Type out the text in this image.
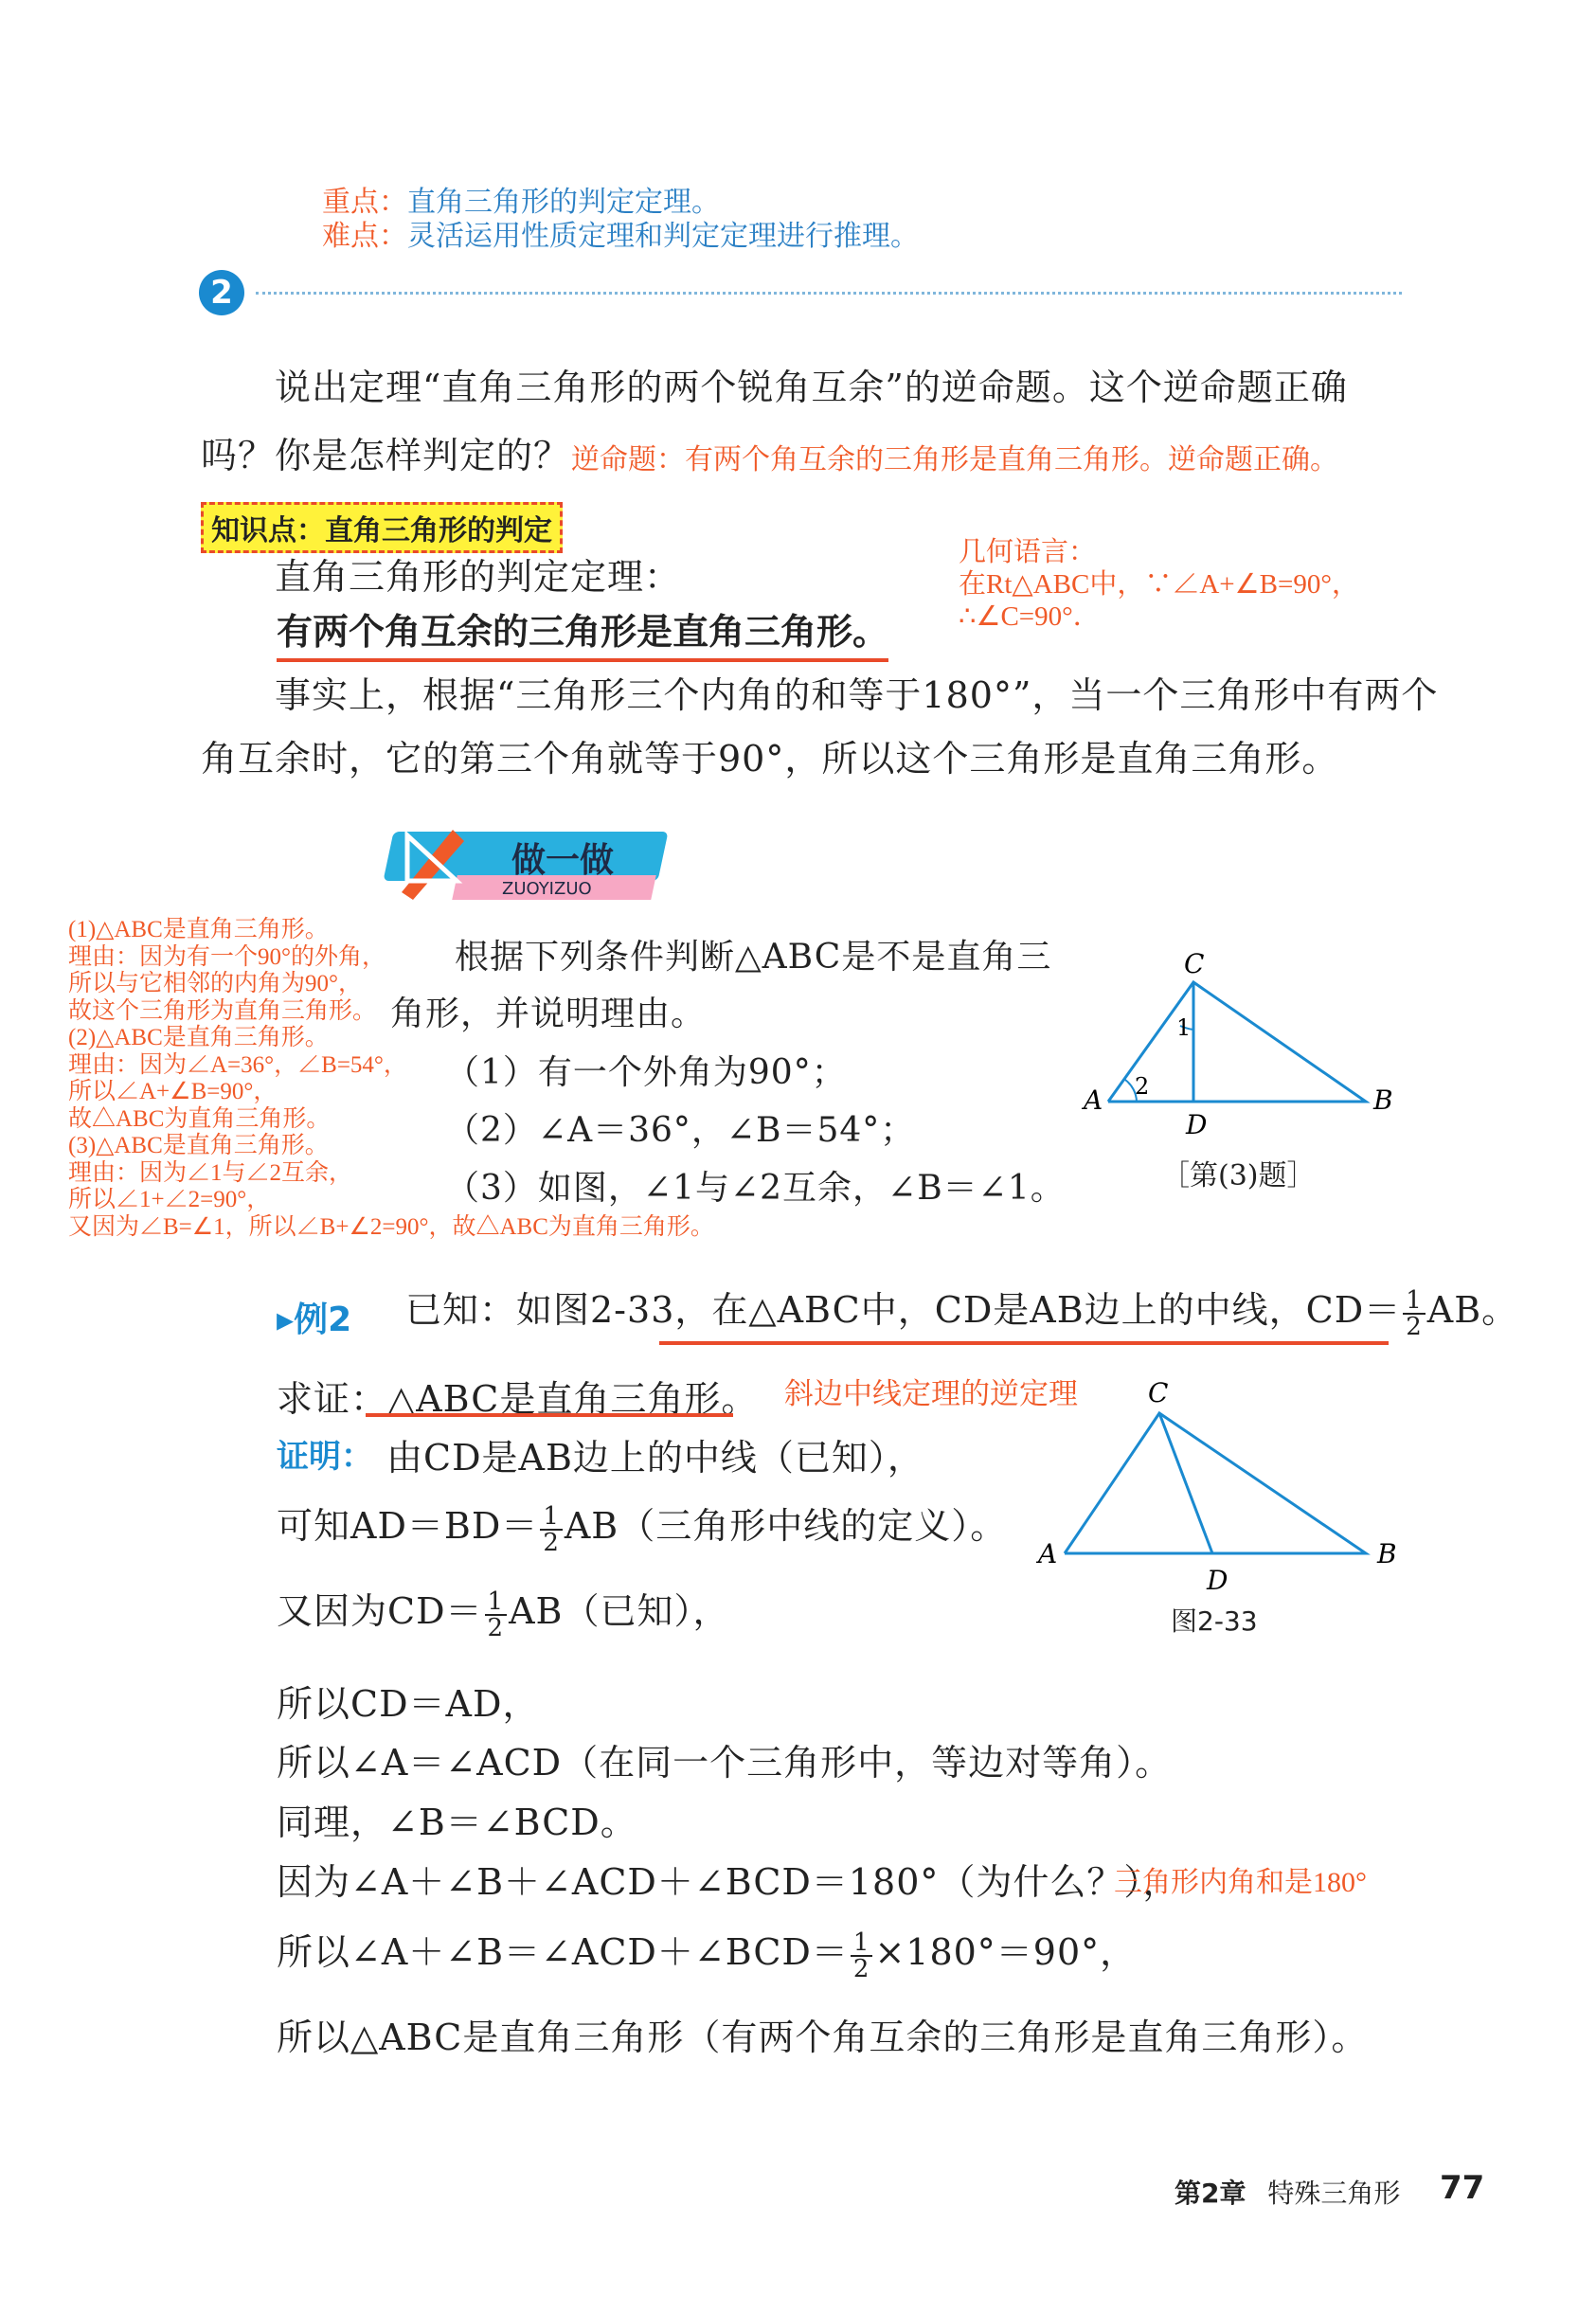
重点：直角三角形的判定定理。
难点：灵活运用性质定理和判定定理进行推理。
2
说出定理“直角三角形的两个锐角互余”的逆命题。这个逆命题正确
吗？你是怎样判定的？ 逆命题：有两个角互余的三角形是直角三角形。逆命题正确。
知识点：直角三角形的判定
直角三角形的判定定理：
有两个角互余的三角形是直角三角形。
几何语言：
在Rt△ABC中，∵∠A+∠B=90°，
∴∠C=90°．
事实上，根据“三角形三个内角的和等于180°”，当一个三角形中有两个
角互余时，它的第三个角就等于90°，所以这个三角形是直角三角形。
做一做
ZUOYIZUO
(1)△ABC是直角三角形。
理由：因为有一个90°的外角，
所以与它相邻的内角为90°，
故这个三角形为直角三角形。
(2)△ABC是直角三角形。
理由：因为∠A=36°，∠B=54°，
所以∠A+∠B=90°，
故△ABC为直角三角形。
(3)△ABC是直角三角形。
理由：因为∠1与∠2互余，
所以∠1+∠2=90°，
又因为∠B=∠1，所以∠B+∠2=90°，故△ABC为直角三角形。
根据下列条件判断△ABC是不是直角三
角形，并说明理由。
（1）有一个外角为90°；
（2）∠A＝36°，∠B＝54°；
（3）如图，∠1与∠2互余，∠B＝∠1。
C
A	B
D
1
2
［第(3)题］
▸例2 已知：如图2-33，在△ABC中，CD是AB边上的中线，$CD= \frac{1}{2}$ AB。
求证：△ABC是直角三角形。 斜边中线定理的逆定理
证明： 由CD是AB边上的中线（已知），
可知$AD=BD= \frac{1}{2} AB$（三角形中线的定义）。
又因为$CD= \frac{1}{2} AB$（已知），
所以CD＝AD，
所以∠A＝∠ACD（在同一个三角形中，等边对等角）。
同理，∠B＝∠BCD。
因为∠A＋∠B＋∠ACD＋∠BCD＝180°（为什么？），
三角形内角和是180°
所以∠A＋∠B＝∠ACD＋∠BCD＝ $\frac{1}{2} \times 180^\circ=90^\circ$，
所以△ABC是直角三角形（有两个角互余的三角形是直角三角形）。
C
A	B
D
图2-33
第2章 特殊三角形 77
